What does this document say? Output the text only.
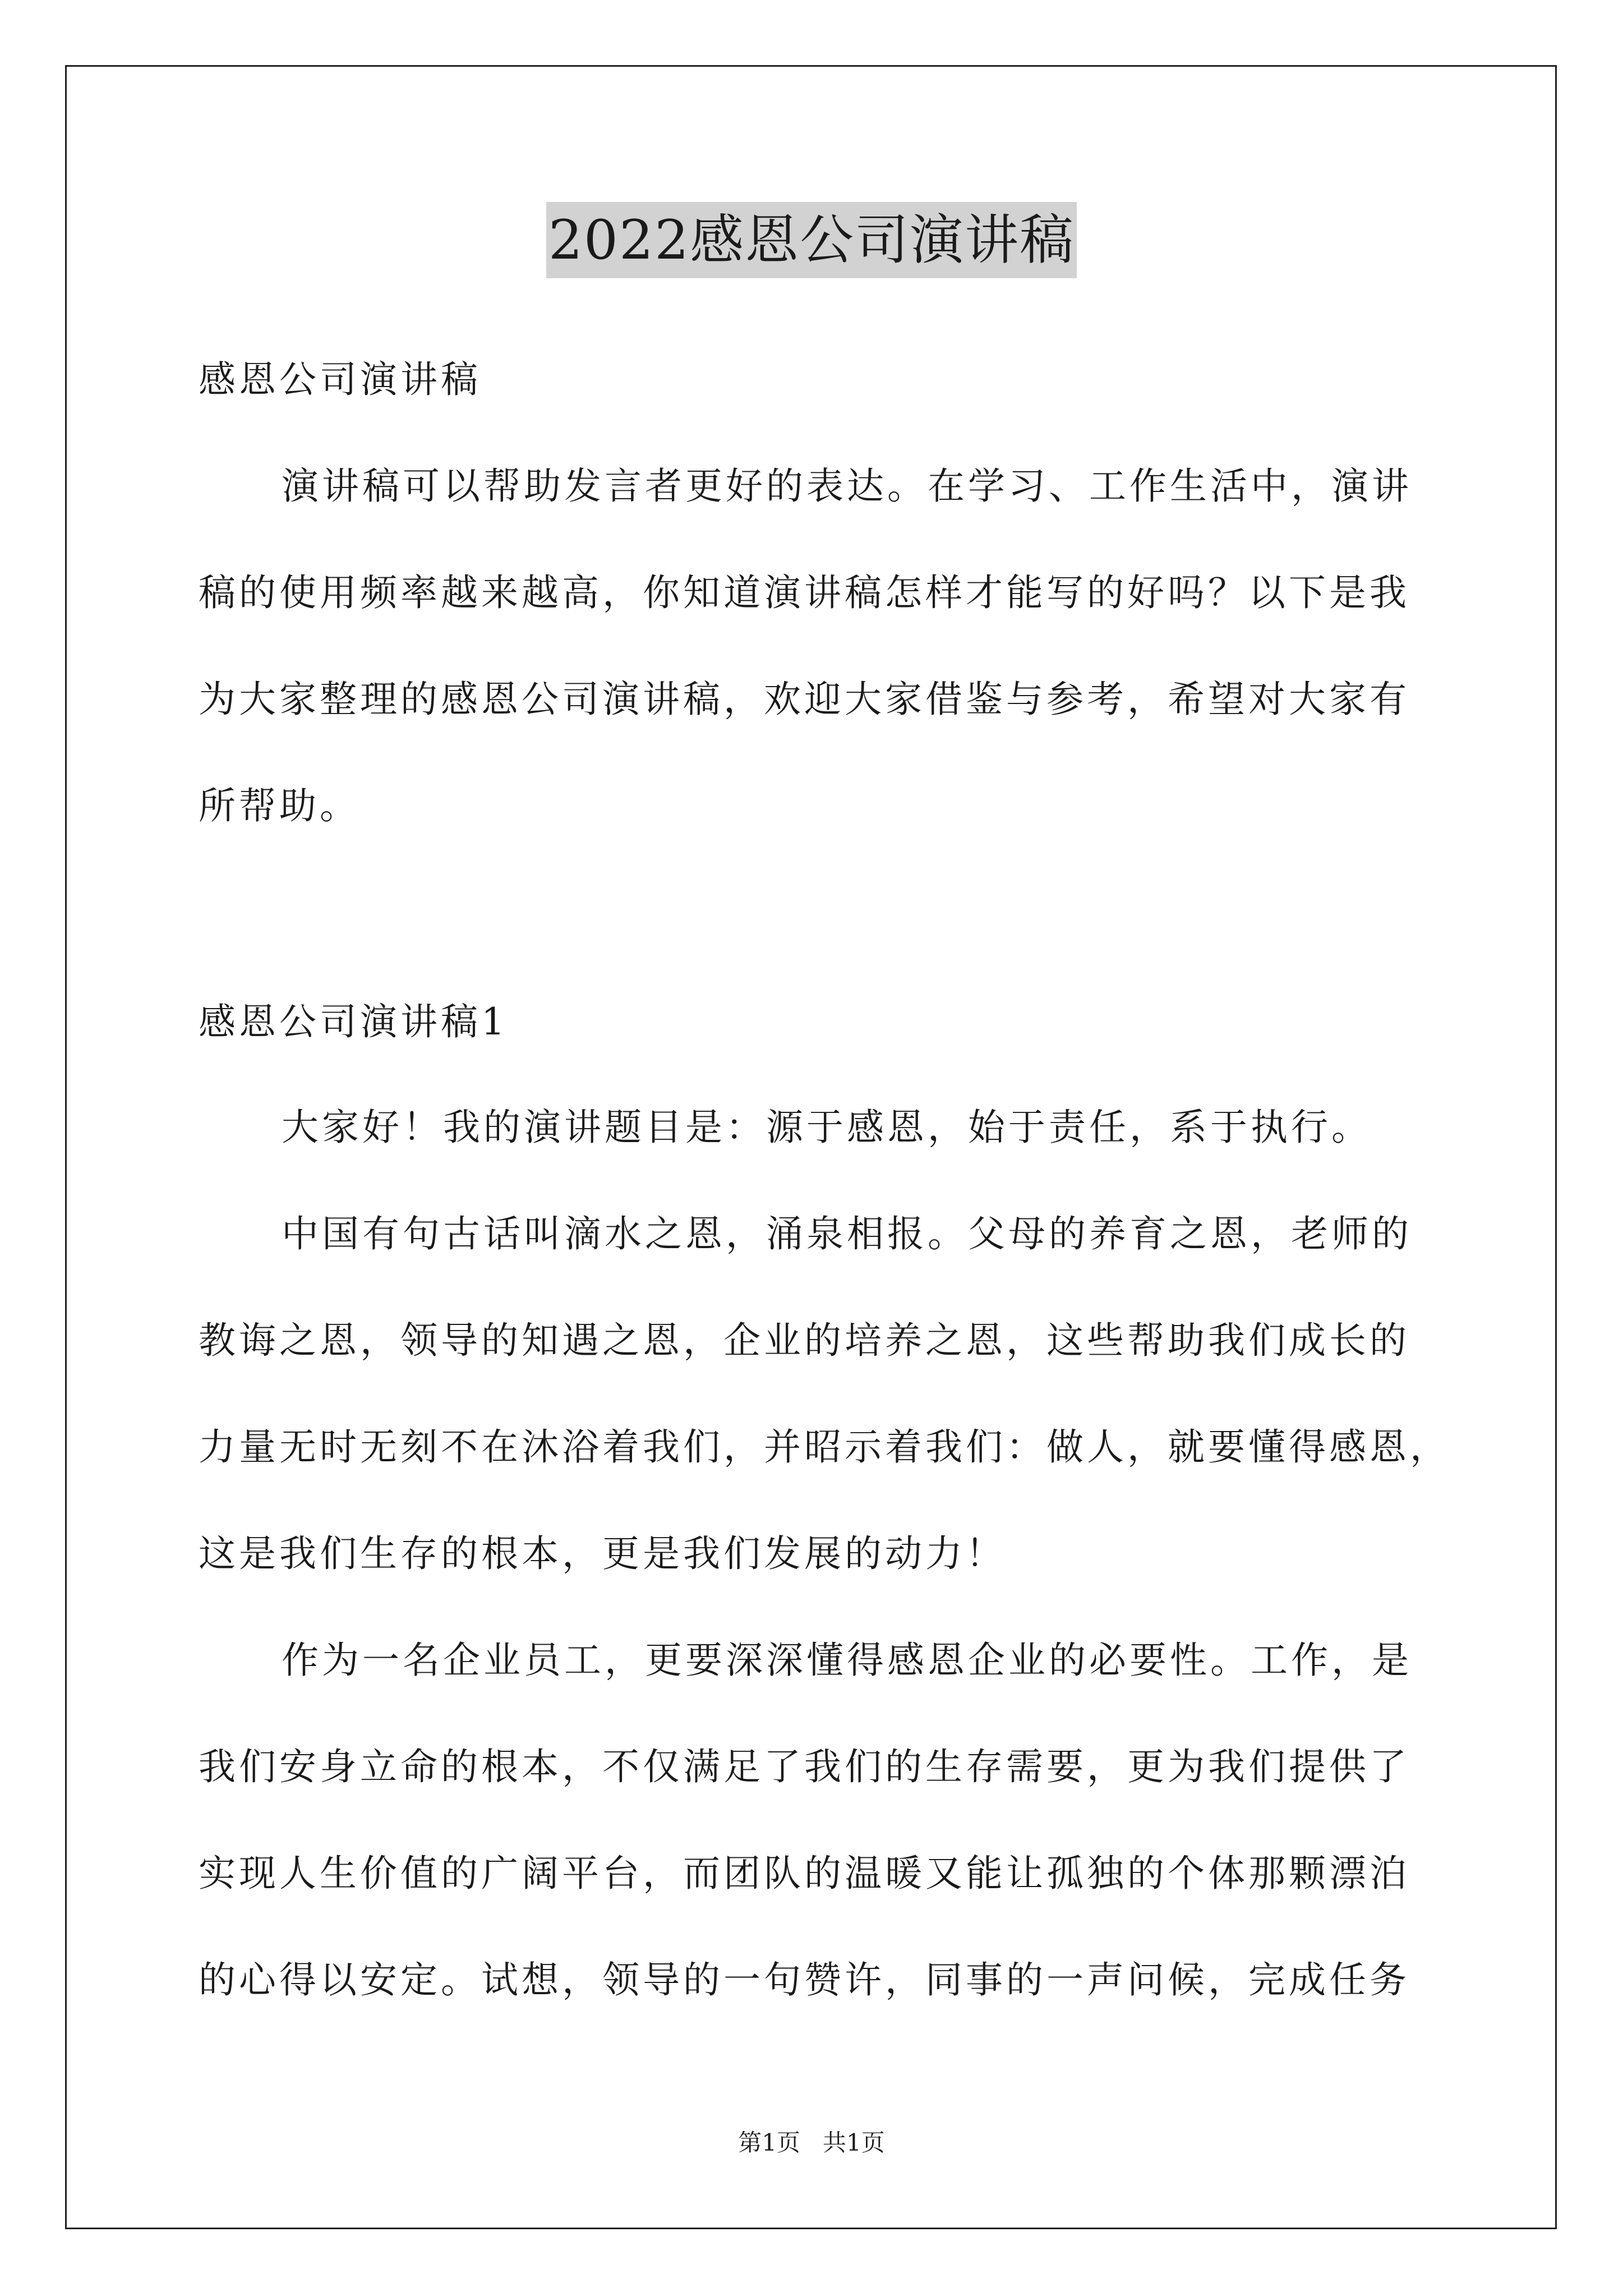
2022感恩公司演讲稿
感恩公司演讲稿
演讲稿可以帮助发言者更好的表达。在学习、工作生活中，演讲
稿的使用频率越来越高，你知道演讲稿怎样才能写的好吗？以下是我
为大家整理的感恩公司演讲稿，欢迎大家借鉴与参考，希望对大家有
所帮助。
感恩公司演讲稿1
大家好！我的演讲题目是：源于感恩，始于责任，系于执行。
中国有句古话叫滴水之恩，涌泉相报。父母的养育之恩，老师的
教诲之恩，领导的知遇之恩，企业的培养之恩，这些帮助我们成长的
力量无时无刻不在沐浴着我们，并昭示着我们：做人，就要懂得感恩，
这是我们生存的根本，更是我们发展的动力！
作为一名企业员工，更要深深懂得感恩企业的必要性。工作，是
我们安身立命的根本，不仅满足了我们的生存需要，更为我们提供了
实现人生价值的广阔平台，而团队的温暖又能让孤独的个体那颗漂泊
的心得以安定。试想，领导的一句赞许，同事的一声问候，完成任务
第1页   共1页
